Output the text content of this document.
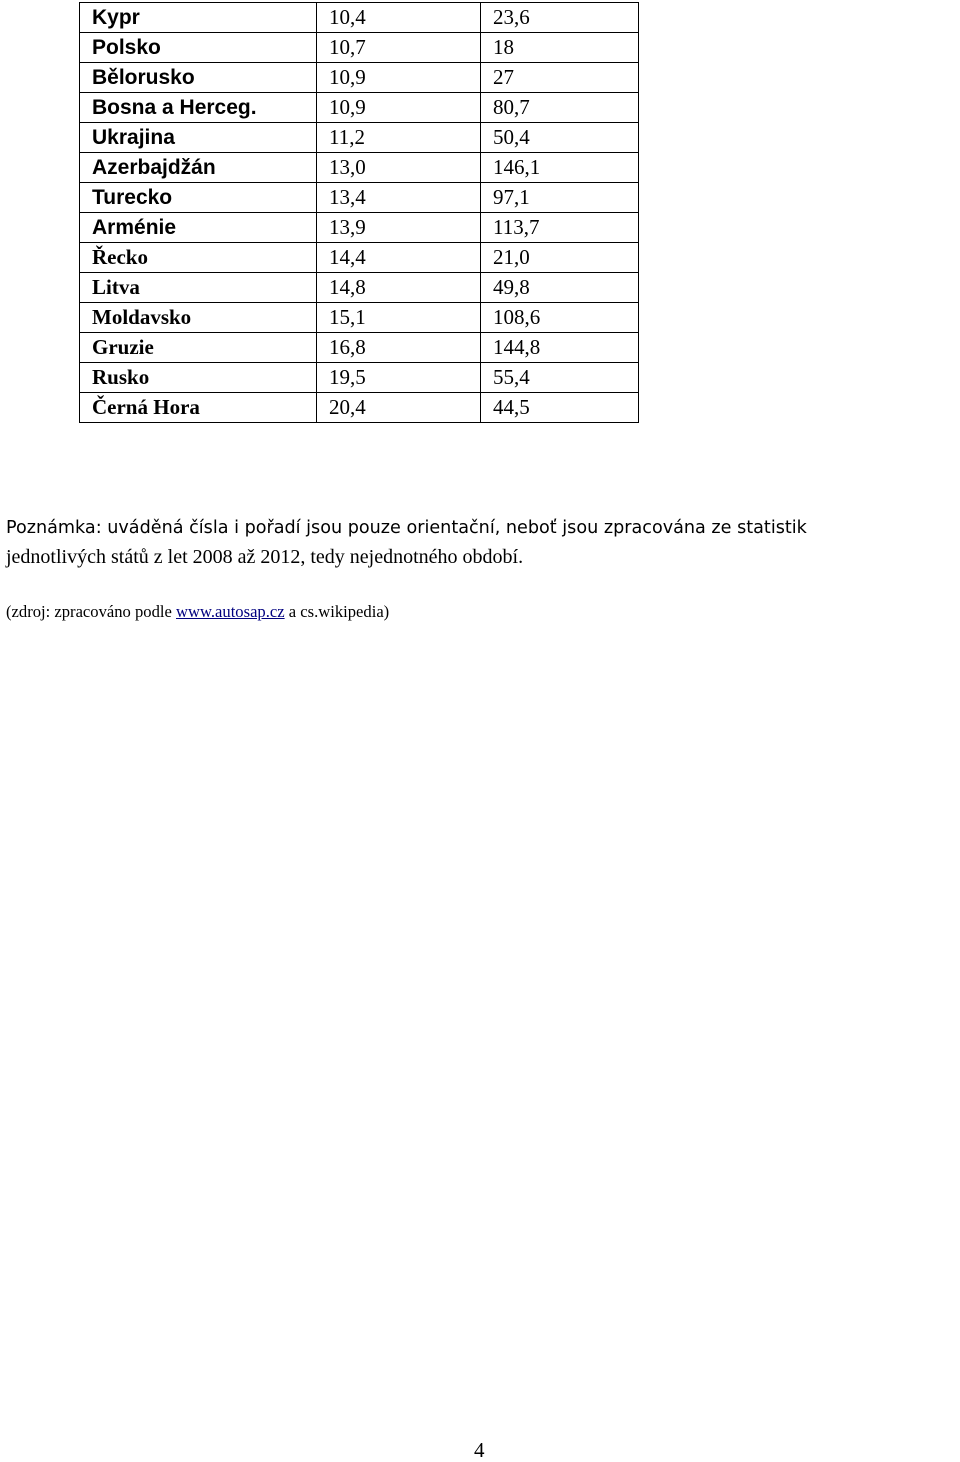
Kypr	10,4	23,6
Polsko	10,7	18
Bělorusko	10,9	27
Bosna a Herceg.	10,9	80,7
Ukrajina	11,2	50,4
Azerbajdžán	13,0	146,1
Turecko	13,4	97,1
Arménie	13,9	113,7
Řecko	14,4	21,0
Litva	14,8	49,8
Moldavsko	15,1	108,6
Gruzie	16,8	144,8
Rusko	19,5	55,4
Černá Hora	20,4	44,5
Poznámka: uváděná čísla i pořadí jsou pouze orientační, neboť jsou zpracována ze statistik
jednotlivých států z let 2008 až 2012, tedy nejednotného období.
(zdroj: zpracováno podle www.autosap.cz a cs.wikipedia)
4
